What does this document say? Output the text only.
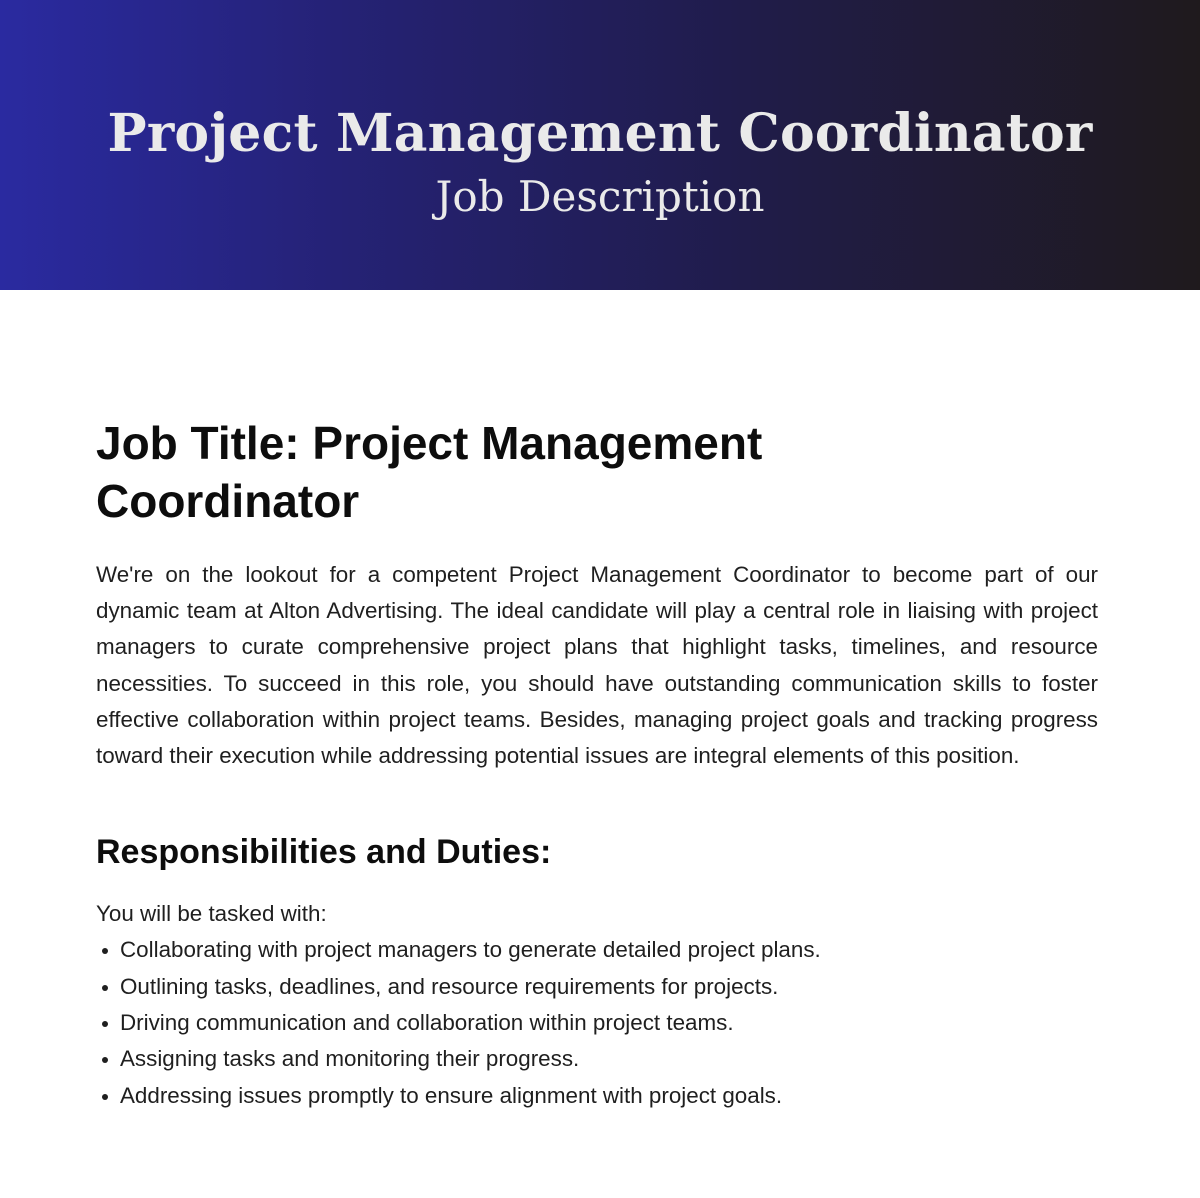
Project Management Coordinator
Job Description
Job Title: Project Management Coordinator

We're on the lookout for a competent Project Management Coordinator to become part of our dynamic team at Alton Advertising. The ideal candidate will play a central role in liaising with project managers to curate comprehensive project plans that highlight tasks, timelines, and resource necessities. To succeed in this role, you should have outstanding communication skills to foster effective collaboration within project teams. Besides, managing project goals and tracking progress toward their execution while addressing potential issues are integral elements of this position.

Responsibilities and Duties:

You will be tasked with:

Collaborating with project managers to generate detailed project plans.
Outlining tasks, deadlines, and resource requirements for projects.
Driving communication and collaboration within project teams.
Assigning tasks and monitoring their progress.
Addressing issues promptly to ensure alignment with project goals.
